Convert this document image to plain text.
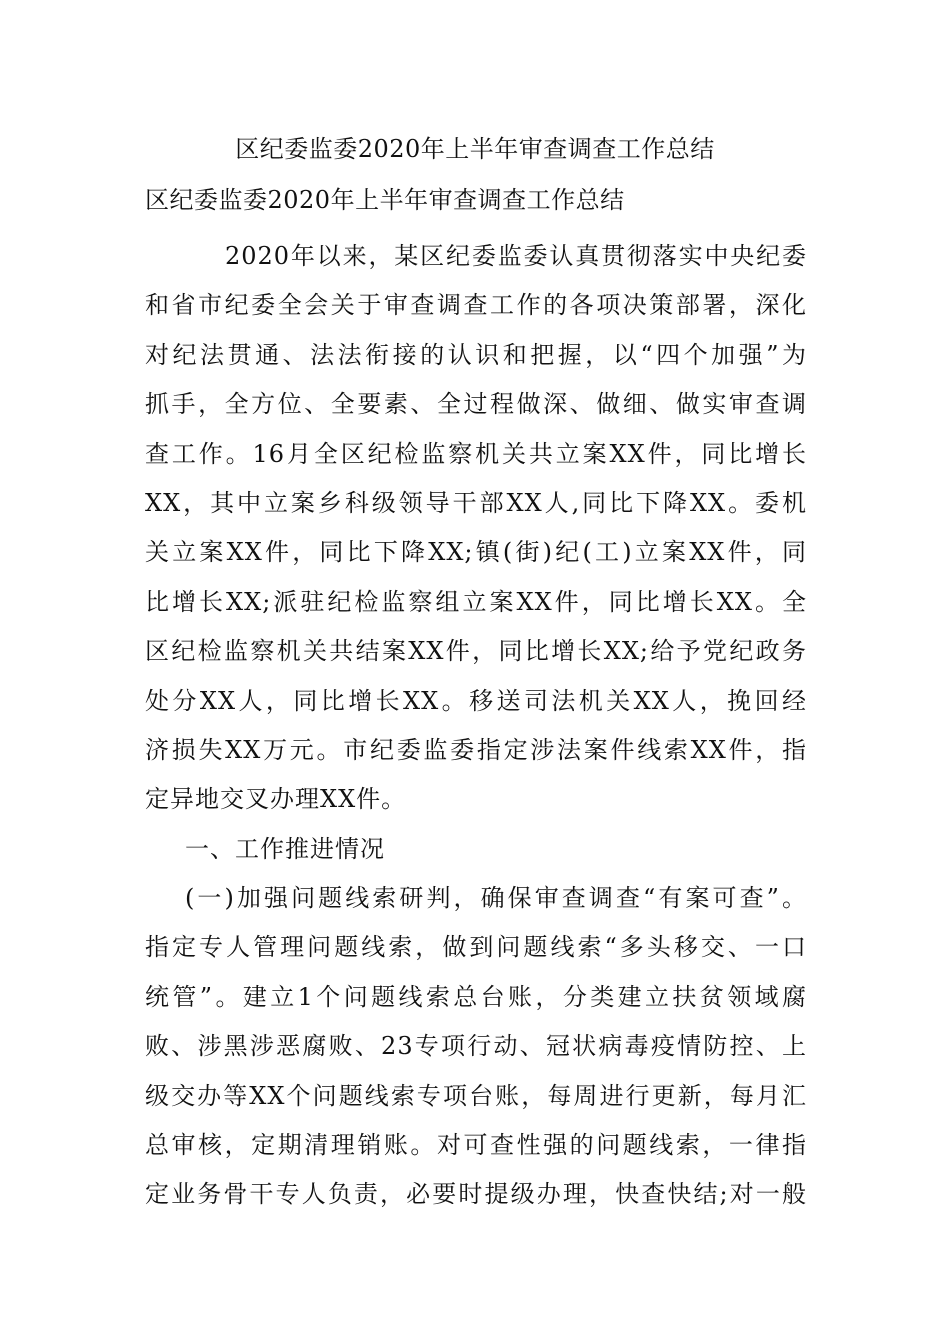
区纪委监委2020年上半年审查调查工作总结
区纪委监委2020年上半年审查调查工作总结
2020年以来，某区纪委监委认真贯彻落实中央纪委
和省市纪委全会关于审查调查工作的各项决策部署，深化
对纪法贯通、法法衔接的认识和把握，以“四个加强”为
抓手，全方位、全要素、全过程做深、做细、做实审查调
查工作。16月全区纪检监察机关共立案XX件，同比增长
XX，其中立案乡科级领导干部XX人,同比下降XX。委机
关立案XX件，同比下降XX;镇(街)纪(工)立案XX件，同
比增长XX;派驻纪检监察组立案XX件，同比增长XX。全
区纪检监察机关共结案XX件，同比增长XX;给予党纪政务
处分XX人，同比增长XX。移送司法机关XX人，挽回经
济损失XX万元。市纪委监委指定涉法案件线索XX件，指
定异地交叉办理XX件。
一、工作推进情况
(一)加强问题线索研判，确保审查调查“有案可查”。
指定专人管理问题线索，做到问题线索“多头移交、一口
统管”。建立1个问题线索总台账，分类建立扶贫领域腐
败、涉黑涉恶腐败、23专项行动、冠状病毒疫情防控、上
级交办等XX个问题线索专项台账，每周进行更新，每月汇
总审核，定期清理销账。对可查性强的问题线索，一律指
定业务骨干专人负责，必要时提级办理，快查快结;对一般
